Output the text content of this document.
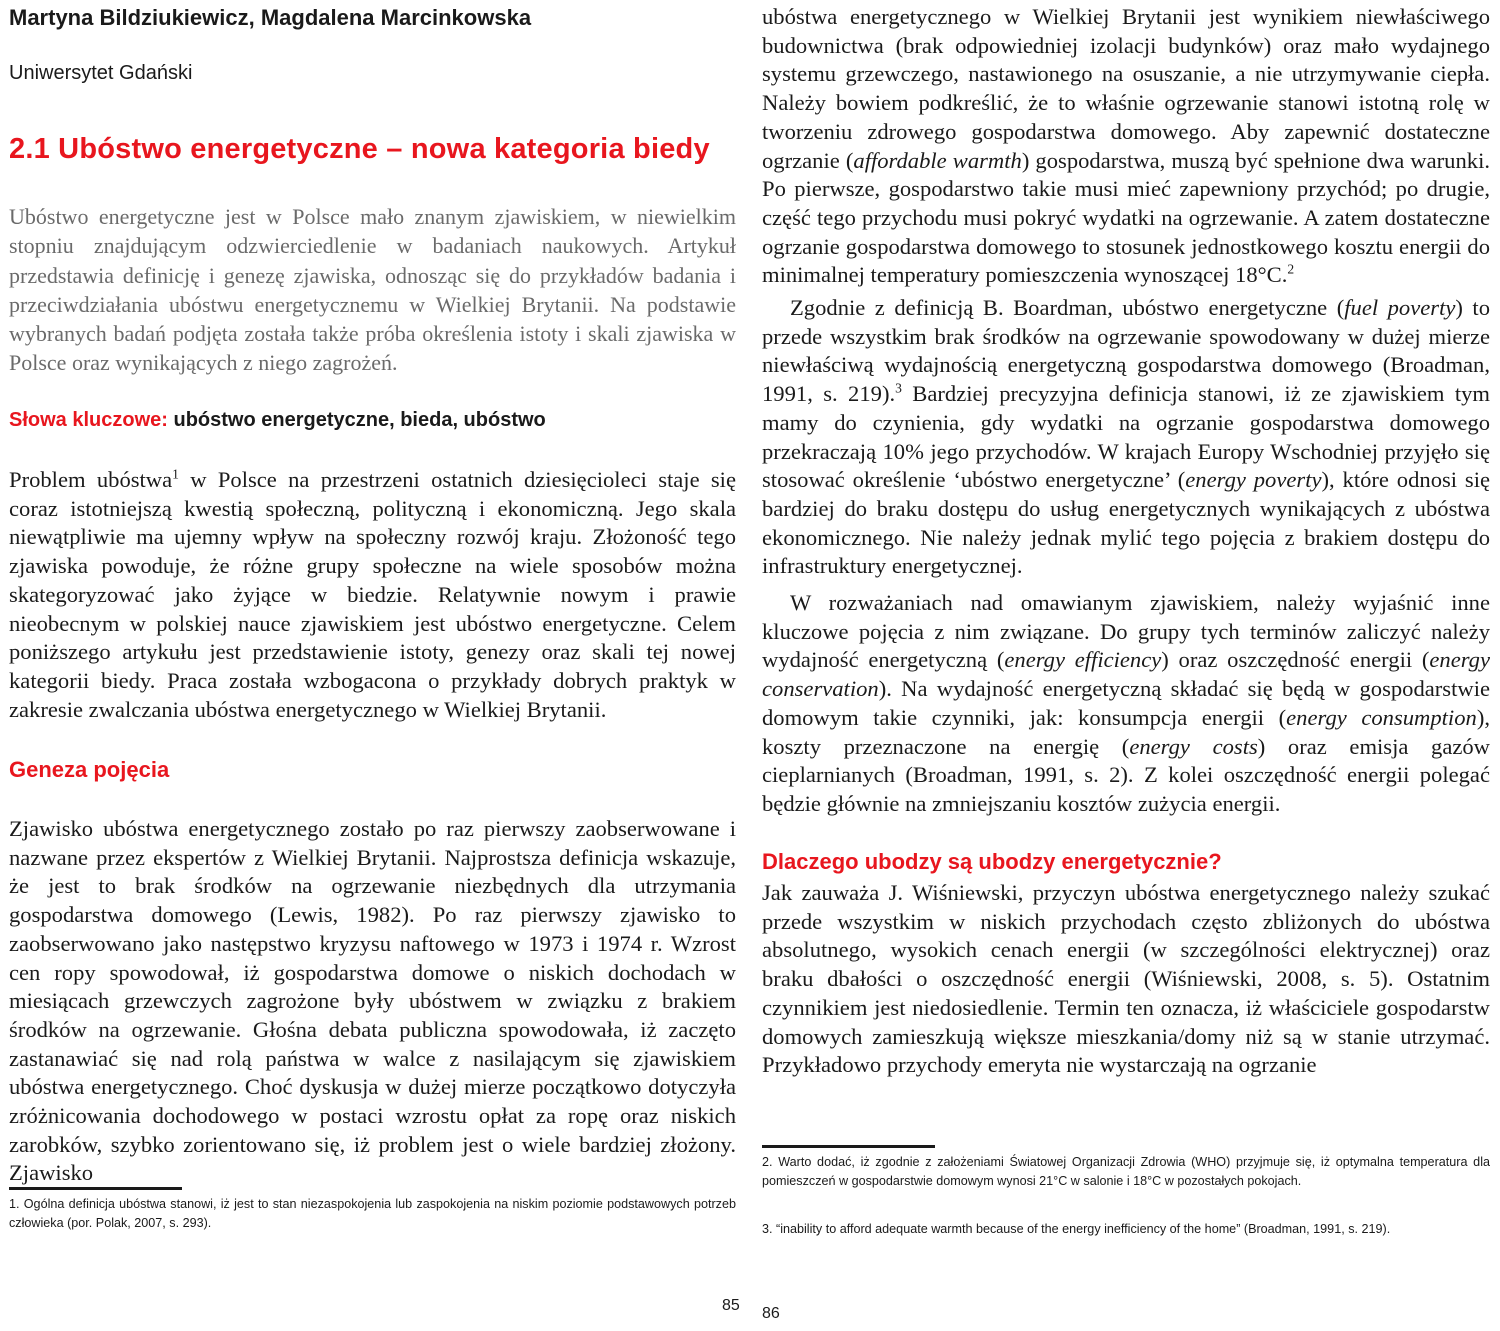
Martyna Bildziukiewicz, Magdalena Marcinkowska
Uniwersytet Gdański
2.1 Ubóstwo energetyczne – nowa kategoria biedy

Ubóstwo energetyczne jest w Polsce mało znanym zjawiskiem, w niewielkim stopniu znajdującym odzwierciedlenie w badaniach naukowych. Artykuł przedstawia definicję i genezę zjawiska, odnosząc się do przykładów badania i przeciwdziałania ubóstwu energetycznemu w Wielkiej Brytanii. Na podstawie wybranych badań podjęta została także próba określenia istoty i skali zjawiska w Polsce oraz wynikających z niego zagrożeń.

Słowa kluczowe: ubóstwo energetyczne, bieda, ubóstwo

Problem ubóstwa$^1$ w Polsce na przestrzeni ostatnich dziesięcioleci staje się coraz istotniejszą kwestią społeczną, polityczną i ekonomiczną. Jego skala niewątpliwie ma ujemny wpływ na społeczny rozwój kraju. Złożoność tego zjawiska powoduje, że różne grupy społeczne na wiele sposobów można skategoryzować jako żyjące w biedzie. Relatywnie nowym i prawie nieobecnym w polskiej nauce zjawiskiem jest ubóstwo energetyczne. Celem poniższego artykułu jest przedstawienie istoty, genezy oraz skali tej nowej kategorii biedy. Praca została wzbogacona o przykłady dobrych praktyk w zakresie zwalczania ubóstwa energetycznego w Wielkiej Brytanii.

Geneza pojęcia

Zjawisko ubóstwa energetycznego zostało po raz pierwszy zaobserwowane i nazwane przez ekspertów z Wielkiej Brytanii. Najprostsza definicja wskazuje, że jest to brak środków na ogrzewanie niezbędnych dla utrzymania gospodarstwa domowego (Lewis, 1982). Po raz pierwszy zjawisko to zaobserwowano jako następstwo kryzysu naftowego w 1973 i 1974 r. Wzrost cen ropy spowodował, iż gospodarstwa domowe o niskich dochodach w miesiącach grzewczych zagrożone były ubóstwem w związku z brakiem środków na ogrzewanie. Głośna debata publiczna spowodowała, iż zaczęto zastanawiać się nad rolą państwa w walce z nasilającym się zjawiskiem ubóstwa energetycznego. Choć dyskusja w dużej mierze początkowo dotyczyła zróżnicowania dochodowego w postaci wzrostu opłat za ropę oraz niskich zarobków, szybko zorientowano się, iż problem jest o wiele bardziej złożony. Zjawisko

1. Ogólna definicja ubóstwa stanowi, iż jest to stan niezaspokojenia lub zaspokojenia na niskim poziomie podstawowych potrzeb człowieka (por. Polak, 2007, s. 293).

85

ubóstwa energetycznego w Wielkiej Brytanii jest wynikiem niewłaściwego budownictwa (brak odpowiedniej izolacji budynków) oraz mało wydajnego systemu grzewczego, nastawionego na osuszanie, a nie utrzymywanie ciepła. Należy bowiem podkreślić, że to właśnie ogrzewanie stanowi istotną rolę w tworzeniu zdrowego gospodarstwa domowego. Aby zapewnić dostateczne ogrzanie (affordable warmth) gospodarstwa, muszą być spełnione dwa warunki. Po pierwsze, gospodarstwo takie musi mieć zapewniony przychód; po drugie, część tego przychodu musi pokryć wydatki na ogrzewanie. A zatem dostateczne ogrzanie gospodarstwa domowego to stosunek jednostkowego kosztu energii do minimalnej temperatury pomieszczenia wynoszącej 18°C.$^2$

Zgodnie z definicją B. Boardman, ubóstwo energetyczne (fuel poverty) to przede wszystkim brak środków na ogrzewanie spowodowany w dużej mierze niewłaściwą wydajnością energetyczną gospodarstwa domowego (Broadman, 1991, s. 219).$^3$ Bardziej precyzyjna definicja stanowi, iż ze zjawiskiem tym mamy do czynienia, gdy wydatki na ogrzanie gospodarstwa domowego przekraczają 10% jego przychodów. W krajach Europy Wschodniej przyjęło się stosować określenie ‘ubóstwo energetyczne’ (energy poverty), które odnosi się bardziej do braku dostępu do usług energetycznych wynikających z ubóstwa ekonomicznego. Nie należy jednak mylić tego pojęcia z brakiem dostępu do infrastruktury energetycznej.

W rozważaniach nad omawianym zjawiskiem, należy wyjaśnić inne kluczowe pojęcia z nim związane. Do grupy tych terminów zaliczyć należy wydajność energetyczną (energy efficiency) oraz oszczędność energii (energy conservation). Na wydajność energetyczną składać się będą w gospodarstwie domowym takie czynniki, jak: konsumpcja energii (energy consumption), koszty przeznaczone na energię (energy costs) oraz emisja gazów cieplarnianych (Broadman, 1991, s. 2). Z kolei oszczędność energii polegać będzie głównie na zmniejszaniu kosztów zużycia energii.

Dlaczego ubodzy są ubodzy energetycznie?

Jak zauważa J. Wiśniewski, przyczyn ubóstwa energetycznego należy szukać przede wszystkim w niskich przychodach często zbliżonych do ubóstwa absolutnego, wysokich cenach energii (w szczególności elektrycznej) oraz braku dbałości o oszczędność energii (Wiśniewski, 2008, s. 5). Ostatnim czynnikiem jest niedosiedlenie. Termin ten oznacza, iż właściciele gospodarstw domowych zamieszkują większe mieszkania/domy niż są w stanie utrzymać. Przykładowo przychody emeryta nie wystarczają na ogrzanie

2. Warto dodać, iż zgodnie z założeniami Światowej Organizacji Zdrowia (WHO) przyjmuje się, iż optymalna temperatura dla pomieszczeń w gospodarstwie domowym wynosi 21°C w salonie i 18°C w pozostałych pokojach.

3. “inability to afford adequate warmth because of the energy inefficiency of the home” (Broadman, 1991, s. 219).

86
